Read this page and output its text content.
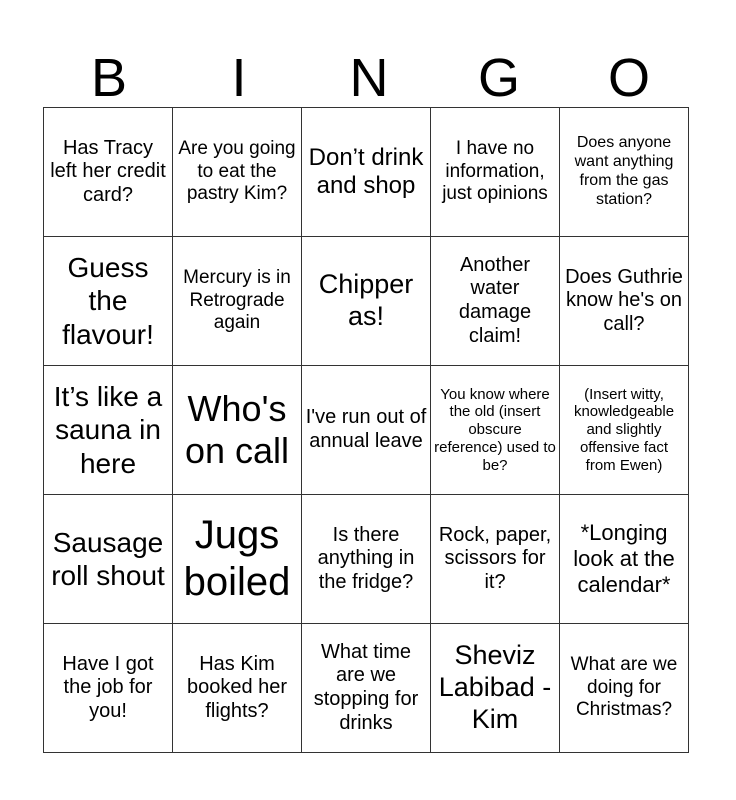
B	I	N	G	O
Has Tracy left her credit card?	Are you going to eat the pastry Kim?	Don’t drink and shop	I have no information, just opinions	Does anyone want anything from the gas station?

Guess the flavour!	Mercury is in Retrograde again	Chipper as!	Another water damage claim!	Does Guthrie know he's on call?

It’s like a sauna in here	Who's on call	I've run out of annual leave	You know where the old (insert obscure reference) used to be?	(Insert witty, knowledgeable and slightly offensive fact from Ewen)

Sausage roll shout	Jugs boiled	Is there anything in the fridge?	Rock, paper, scissors for it?	*Longing look at the calendar*

Have I got the job for you!	Has Kim booked her flights?	What time are we stopping for drinks	Sheviz Labibad - Kim	What are we doing for Christmas?
